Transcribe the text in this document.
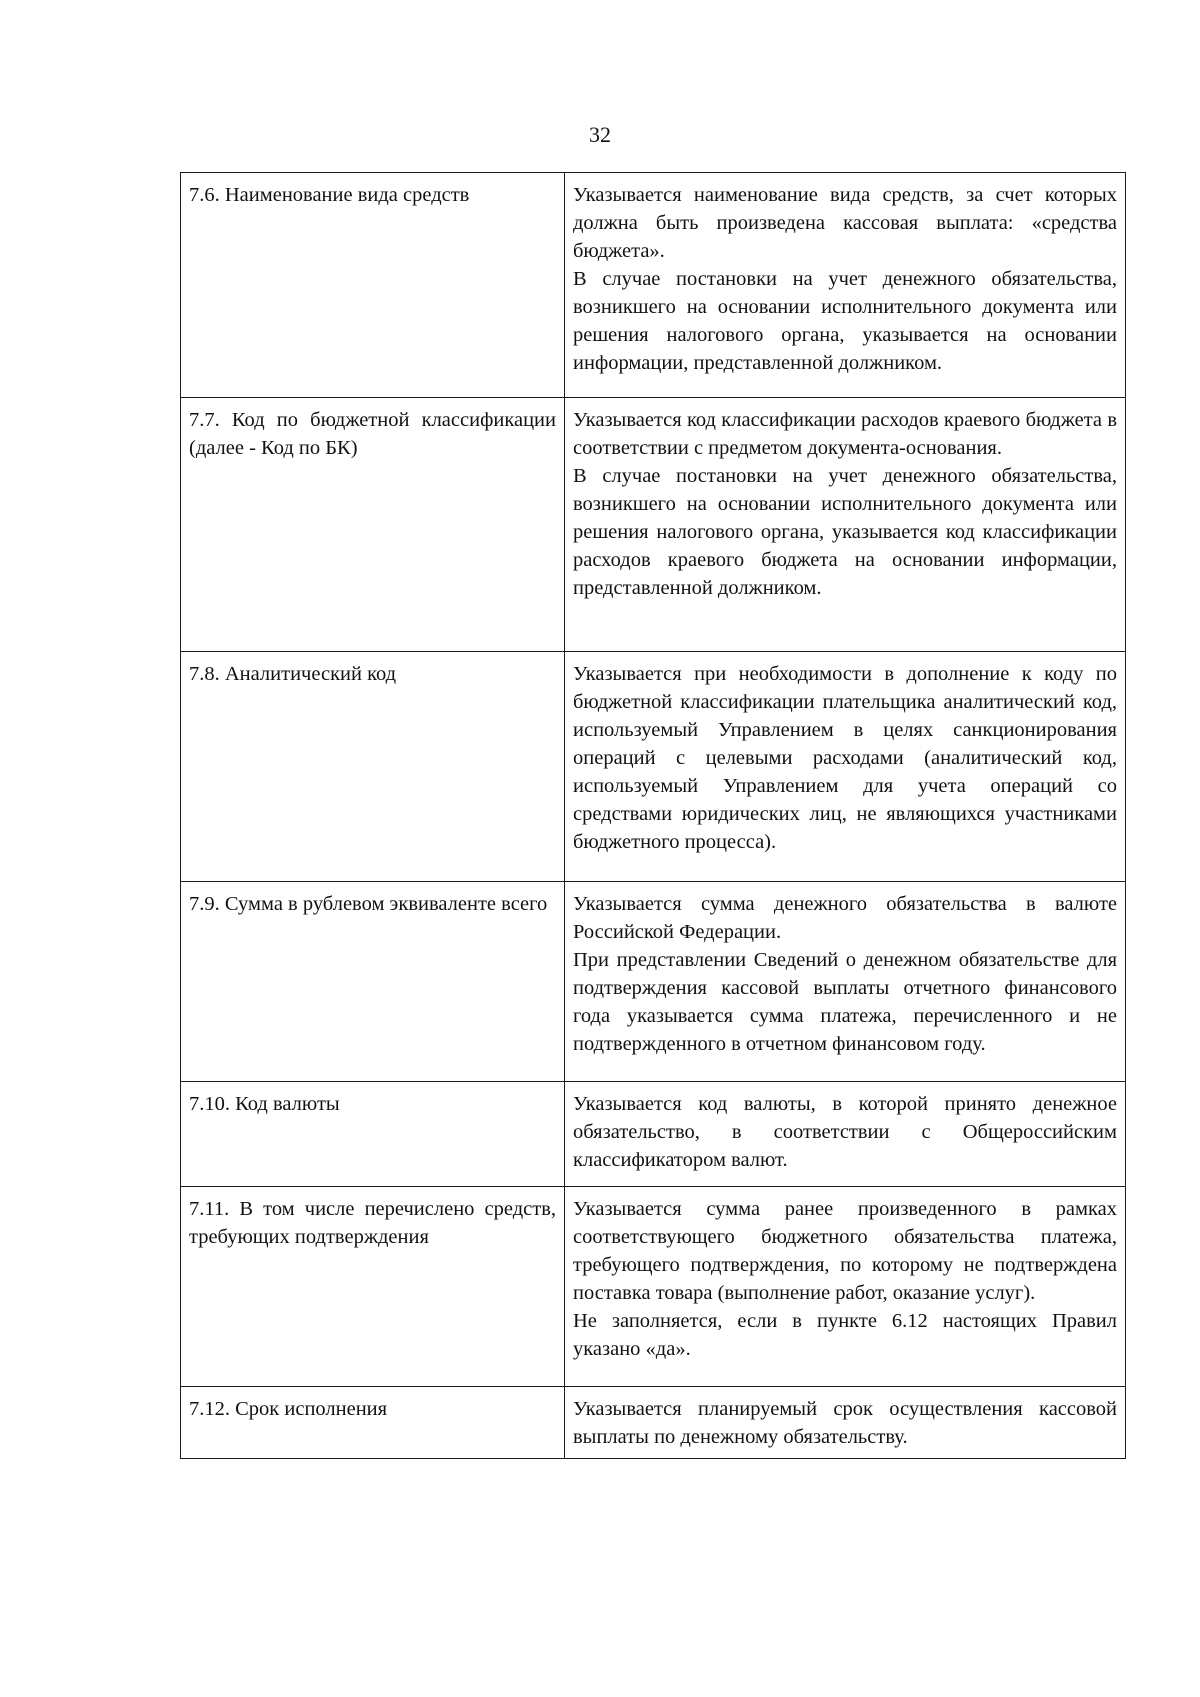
32
7.6. Наименование вида средств	Указывается наименование вида средств, за счет которых должна быть произведена кассовая выплата: «средства бюджета».

В случае постановки на учет денежного обязательства, возникшего на основании исполнительного документа или решения налогового органа, указывается на основании информации, представленной должником.

7.7. Код по бюджетной классификации (далее - Код по БК)	Указывается код классификации расходов краевого бюджета в соответствии с предметом документа-основания.

В случае постановки на учет денежного обязательства, возникшего на основании исполнительного документа или решения налогового органа, указывается код классификации расходов краевого бюджета на основании информации, представленной должником.

7.8. Аналитический код	Указывается при необходимости в дополнение к коду по бюджетной классификации плательщика аналитический код, используемый Управлением в целях санкционирования операций с целевыми расходами (аналитический код, используемый Управлением для учета операций со средствами юридических лиц, не являющихся участниками бюджетного процесса).

7.9. Сумма в рублевом эквиваленте всего	Указывается сумма денежного обязательства в валюте Российской Федерации.

При представлении Сведений о денежном обязательстве для подтверждения кассовой выплаты отчетного финансового года указывается сумма платежа, перечисленного и не подтвержденного в отчетном финансовом году.

7.10. Код валюты	Указывается код валюты, в которой принято денежное обязательство, в соответствии с Общероссийским классификатором валют.

7.11. В том числе перечислено средств, требующих подтверждения	Указывается сумма ранее произведенного в рамках соответствующего бюджетного обязательства платежа, требующего подтверждения, по которому не подтверждена поставка товара (выполнение работ, оказание услуг).

Не заполняется, если в пункте 6.12 настоящих Правил указано «да».

7.12. Срок исполнения	Указывается планируемый срок осуществления кассовой выплаты по денежному обязательству.
